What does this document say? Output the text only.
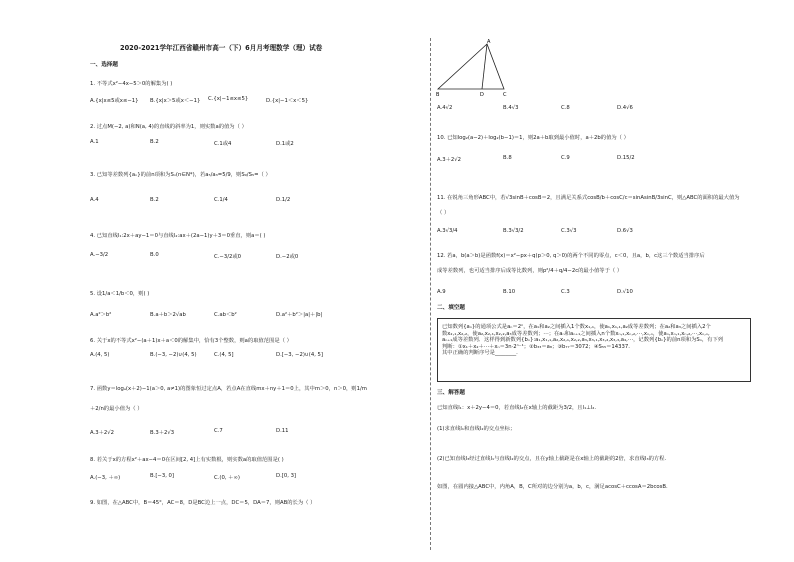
2020-2021学年江西省赣州市高一（下）6月月考理数学（理）试卷
一、选择题
1. 不等式x²−4x−5＞0的解集为( )
A.{x|x≤5或x≤−1} B.{x|x＞5或x＜−1} C.{x|−1≤x≤5}	D.{x|−1＜x＜5}
2. 过点M(−2, a)和N(a, 4)的直线的斜率为1，则实数a的值为（ ）
A.1	B.2	C.1或4	D.1或2
3. 已知等差数列{aₙ}的前n项和为Sₙ(n∈N*)，若a₅/a₃=5/9，则S₉/S₅=（ ）
A.4	B.2	C.1/4	D.1/2
4. 已知直线l₁:2x＋ay−1＝0与直线l₂:ax＋(2a−1)y＋3＝0垂直，则a＝( )
A.−3/2	B.0	C.−3/2或0	D.−2或0
5. 设1/a＜1/b＜0，则( )
A.a²＞b²	B.a＋b＞2√ab	C.ab＜b²	D.a²＋b²＞|a|＋|b|
6. 关于x的不等式x²−(a＋1)x＋a＜0的解集中，恰有3个整数，则a的取值范围是（ ）
A.(4, 5)	B.(−3, −2)∪(4, 5)	C.(4, 5]	D.[−3, −2)∪(4, 5]
7. 函数y＝logₐ(x＋2)−1(a＞0, a≠1)的图象恒过定点A，若点A在直线mx＋ny＋1＝0上，其中m＞0，n＞0，则1/m
＋2/n的最小值为（ ）
A.3＋2√2	B.3＋2√3	C.7	D.11
8. 若关于x的方程x²＋ax−4＝0在区间[2, 4]上有实数根，则实数a的取值范围是( )
A.(−3, ＋∞)	B.[−3, 0]	C.(0, ＋∞)	D.[0, 3]
9. 如图，在△ABC中，B＝45°，AC＝8，D是BC边上一点，DC＝5，DA＝7，则AB的长为（ ）
A
B	D	C
A.4√2	B.4√3	C.8	D.4√6
10. 已知log₂(a−2)＋log₂(b−1)＝1，则2a＋b取到最小值时，a＋2b的值为（ ）
A.3＋2√2	B.8	C.9	D.15/2
11. 在锐角三角形ABC中，若√3sinB＋cosB＝2，且满足关系式cosB/b＋cosC/c＝sinAsinB/3sinC，则△ABC的面积的最大值为
（ ）
A.3√3/4	B.3√3/2	C.3√3	D.6√3
12. 若a，b(a＞b)是函数f(x)＝x²−px＋q(p＞0, q＞0)的两个不同的零点，c＜0，且a，b，c这三个数适当排序后
成等差数列，也可适当排序后成等比数列，则p²/4＋q/4−2c的最小值等于（ ）
A.9	B.10	C.3	D.√10
二、填空题
已知数列{aₙ}的通项公式是aₙ＝2ⁿ，在a₁和a₂之间插入1个数x₁,₁，使a₁,x₁,₁,a₂成等差数列；在a₂和a₃之间插入2个
数x₂,₁,x₂,₂，使a₂,x₂,₁,x₂,₂,a₃成等差数列；⋯；在aₙ和aₙ₊₁之间插入n个数xₙ,₁,xₙ,₂,⋯,xₙ,ₙ，使aₙ,xₙ,₁,xₙ,₂,⋯,xₙ,ₙ,
aₙ₊₁成等差数列．这样得到新数列{bₙ}:a₁,x₁,₁,a₂,x₂,₁,x₂,₂,a₃,x₃,₁,x₃,₂,x₃,₃,a₄,⋯，记数列{bₙ}的前n项和为Sₙ，有下列
判断：①x₁＋x₂＋⋯＋xₙ＝3n·2ⁿ⁻¹；②b₃₃＝a₈；③b₇₇＝3072；④S₅₅＝14337.
其中正确的判断序号是________.
三、解答题
已知直线l₁：x＋2y−4＝0，若直线l₂在x轴上的截距为3/2，且l₁⊥l₂.
(1)求直线l₁和直线l₂的交点坐标；
(2)已知直线l₃经过直线l₁与直线l₂的交点，且在y轴上截距是在x轴上的截距的2倍，求直线l₃的方程.
如图，在圆内接△ABC中，内角A，B，C所对的边分别为a，b，c，满足acosC＋ccosA＝2bcosB.
